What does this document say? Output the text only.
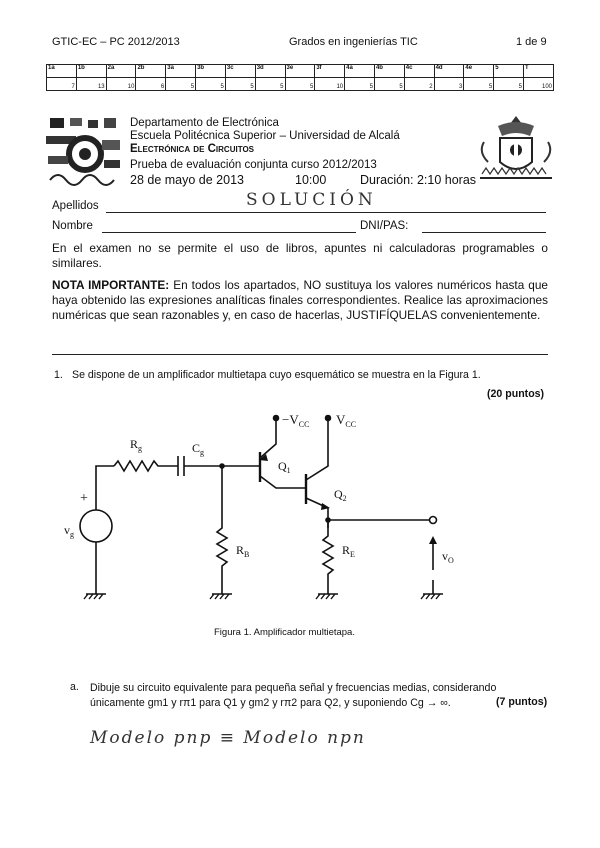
GTIC-EC – PC 2012/2013	Grados en ingenierías TIC	1 de 9
1a	1b	2a	2b	3a	3b	3c	3d	3e	3f	4a	4b	4c	4d	4e	5	T
7	13	10	6	5	5	5	5	5	10	5	5	2	3	5	5	100
Departamento de Electrónica
Escuela Politécnica Superior – Universidad de Alcalá
Electrónica de Circuitos
Prueba de evaluación conjunta curso 2012/2013
28 de mayo de 2013	10:00	Duración: 2:10 horas
Apellidos	SOLUCIÓN
Nombre	DNI/PAS:
En el examen no se permite el uso de libros, apuntes ni calculadoras programables o similares.
NOTA IMPORTANTE: En todos los apartados, NO sustituya los valores numéricos hasta que haya obtenido las expresiones analíticas finales correspondientes. Realice las aproximaciones numéricas que sean razonables y, en caso de hacerlas, JUSTIFÍQUELAS convenientemente.
1. Se dispone de un amplificador multietapa cuyo esquemático se muestra en la Figura 1.
(20 puntos)
+
$v_g$
$R_g$	$C_g$
$R_B$
$-V_{CC}$
$Q_1$
$V_{CC}$
$Q_2$
$R_E$	$v_O$
Figura 1. Amplificador multietapa.
a. Dibuje su circuito equivalente para pequeña señal y frecuencias medias, considerando únicamente gm1 y rπ1 para Q1 y gm2 y rπ2 para Q2, y suponiendo Cg → ∞.	(7 puntos)
Modelo pnp ≡ Modelo npn
